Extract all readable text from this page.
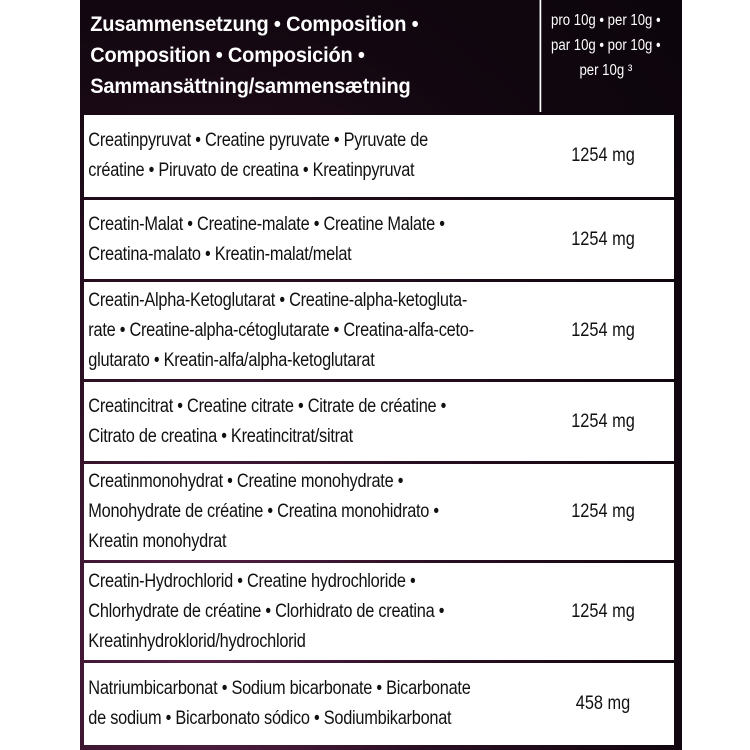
Zusammensetzung • Composition •
Composition • Composición •
Sammansättning/sammensætning
pro 10g • per 10g •
par 10g • por 10g •
per 10g ³
Creatinpyruvat • Creatine pyruvate • Pyruvate de
créatine • Piruvato de creatina • Kreatinpyruvat
1254 mg
Creatin-Malat • Creatine-malate • Creatine Malate •
Creatina-malato • Kreatin-malat/melat
1254 mg
Creatin-Alpha-Ketoglutarat • Creatine-alpha-ketogluta-
rate • Creatine-alpha-cétoglutarate • Creatina-alfa-ceto-
glutarato • Kreatin-alfa/alpha-ketoglutarat
1254 mg
Creatincitrat • Creatine citrate • Citrate de créatine •
Citrato de creatina • Kreatincitrat/sitrat
1254 mg
Creatinmonohydrat • Creatine monohydrate •
Monohydrate de créatine • Creatina monohidrato •
Kreatin monohydrat
1254 mg
Creatin-Hydrochlorid • Creatine hydrochloride •
Chlorhydrate de créatine • Clorhidrato de creatina •
Kreatinhydroklorid/hydrochlorid
1254 mg
Natriumbicarbonat • Sodium bicarbonate • Bicarbonate
de sodium • Bicarbonato sódico • Sodiumbikarbonat
458 mg
